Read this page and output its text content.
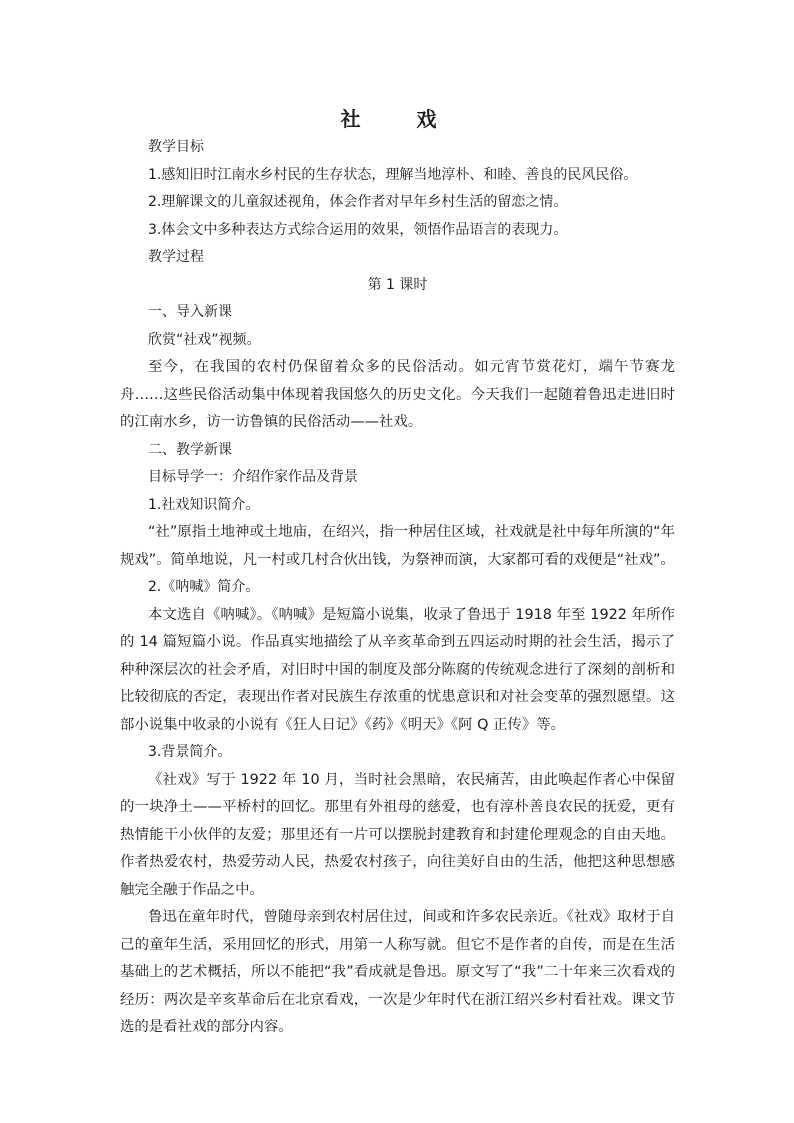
社　戏

教学目标

1.感知旧时江南水乡村民的生存状态，理解当地淳朴、和睦、善良的民风民俗。

2.理解课文的儿童叙述视角，体会作者对早年乡村生活的留恋之情。

3.体会文中多种表达方式综合运用的效果，领悟作品语言的表现力。

教学过程

第 1 课时

一、导入新课

欣赏“社戏”视频。

至今，在我国的农村仍保留着众多的民俗活动。如元宵节赏花灯，端午节赛龙舟……这些民俗活动集中体现着我国悠久的历史文化。今天我们一起随着鲁迅走进旧时的江南水乡，访一访鲁镇的民俗活动——社戏。

二、教学新课

目标导学一：介绍作家作品及背景

1.社戏知识简介。

“社”原指土地神或土地庙，在绍兴，指一种居住区域，社戏就是社中每年所演的“年规戏”。简单地说，凡一村或几村合伙出钱，为祭神而演，大家都可看的戏便是“社戏”。

2.《呐喊》简介。

本文选自《呐喊》。《呐喊》是短篇小说集，收录了鲁迅于 1918 年至 1922 年所作的 14 篇短篇小说。作品真实地描绘了从辛亥革命到五四运动时期的社会生活，揭示了种种深层次的社会矛盾，对旧时中国的制度及部分陈腐的传统观念进行了深刻的剖析和比较彻底的否定，表现出作者对民族生存浓重的忧患意识和对社会变革的强烈愿望。这部小说集中收录的小说有《狂人日记》《药》《明天》《阿 Q 正传》等。

3.背景简介。

《社戏》写于 1922 年 10 月，当时社会黑暗，农民痛苦，由此唤起作者心中保留的一块净土——平桥村的回忆。那里有外祖母的慈爱，也有淳朴善良农民的抚爱，更有热情能干小伙伴的友爱；那里还有一片可以摆脱封建教育和封建伦理观念的自由天地。作者热爱农村，热爱劳动人民，热爱农村孩子，向往美好自由的生活，他把这种思想感触完全融于作品之中。

鲁迅在童年时代，曾随母亲到农村居住过，间或和许多农民亲近。《社戏》取材于自己的童年生活，采用回忆的形式，用第一人称写就。但它不是作者的自传，而是在生活基础上的艺术概括，所以不能把“我”看成就是鲁迅。原文写了“我”二十年来三次看戏的经历：两次是辛亥革命后在北京看戏，一次是少年时代在浙江绍兴乡村看社戏。课文节选的是看社戏的部分内容。
